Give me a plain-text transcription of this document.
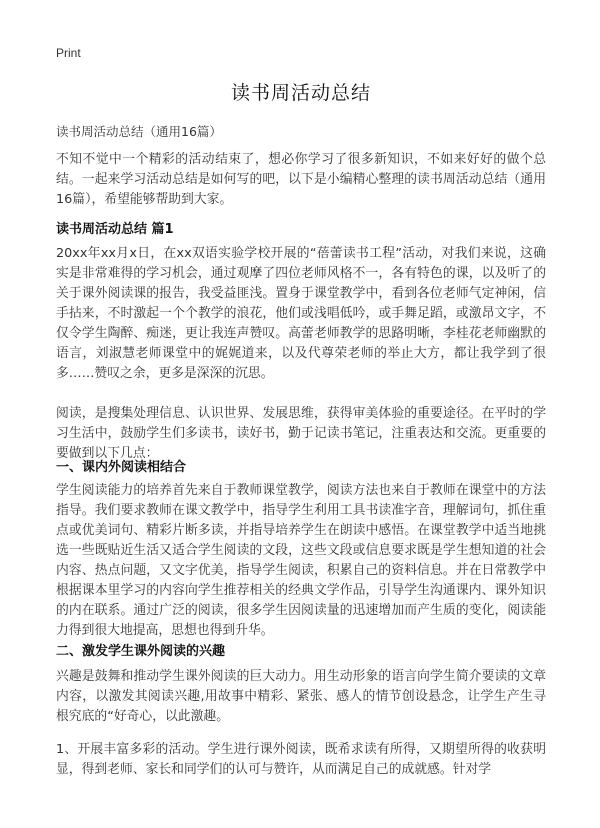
Print
读书周活动总结

读书周活动总结（通用16篇）

不知不觉中一个精彩的活动结束了，想必你学习了很多新知识，不如来好好的做个总结。一起来学习活动总结是如何写的吧，以下是小编精心整理的读书周活动总结（通用16篇），希望能够帮助到大家。

读书周活动总结 篇1

20xx年xx月x日，在xx双语实验学校开展的“蓓蕾读书工程”活动，对我们来说，这确实是非常难得的学习机会，通过观摩了四位老师风格不一，各有特色的课，以及听了的关于课外阅读课的报告，我受益匪浅。置身于课堂教学中，看到各位老师气定神闲，信手拈来，不时激起一个个教学的浪花，他们或浅唱低吟，或手舞足蹈，或激昂文字，不仅令学生陶醉、痴迷，更让我连声赞叹。高蕾老师教学的思路明晰，李桂花老师幽默的语言，刘淑慧老师课堂中的娓娓道来，以及代尊荣老师的举止大方，都让我学到了很多……赞叹之余，更多是深深的沉思。

阅读，是搜集处理信息、认识世界、发展思维，获得审美体验的重要途径。在平时的学习生活中，鼓励学生们多读书，读好书，勤于记读书笔记，注重表达和交流。更重要的要做到以下几点：

一、课内外阅读相结合

学生阅读能力的培养首先来自于教师课堂教学，阅读方法也来自于教师在课堂中的方法指导。我们要求教师在课文教学中，指导学生利用工具书读准字音，理解词句，抓住重点或优美词句、精彩片断多读，并指导培养学生在朗读中感悟。在课堂教学中适当地挑选一些既贴近生活又适合学生阅读的文段，这些文段或信息要求既是学生想知道的社会内容、热点问题，又文字优美，指导学生阅读，积累自己的资料信息。并在日常教学中根据课本里学习的内容向学生推荐相关的经典文学作品，引导学生沟通课内、课外知识的内在联系。通过广泛的阅读，很多学生因阅读量的迅速增加而产生质的变化，阅读能力得到很大地提高，思想也得到升华。

二、激发学生课外阅读的兴趣

兴趣是鼓舞和推动学生课外阅读的巨大动力。用生动形象的语言向学生简介要读的文章内容，以激发其阅读兴趣,用故事中精彩、紧张、感人的情节创设悬念，让学生产生寻根究底的“好奇心，以此激趣。

1、开展丰富多彩的活动。学生进行课外阅读，既希求读有所得，又期望所得的收获明显，得到老师、家长和同学们的认可与赞许，从而满足自己的成就感。针对学
